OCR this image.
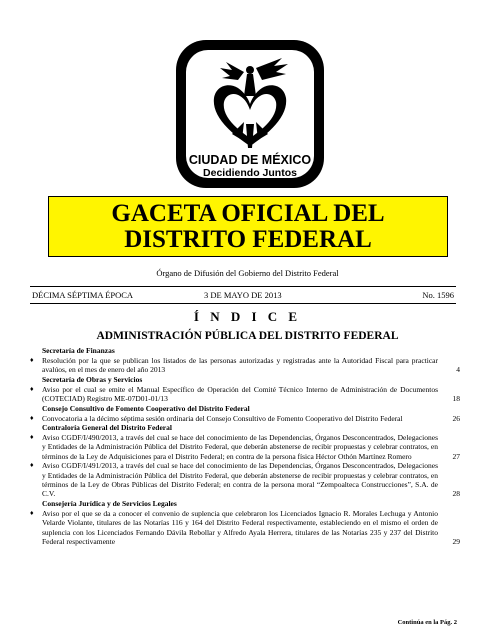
CIUDAD DE MÉXICO
Decidiendo Juntos
GACETA OFICIAL DEL
DISTRITO FEDERAL
Órgano de Difusión del Gobierno del Distrito Federal
DÉCIMA SÉPTIMA ÉPOCA	3 DE MAYO DE 2013	No. 1596
Í N D I C E
ADMINISTRACIÓN PÚBLICA DEL DISTRITO FEDERAL
Secretaría de Finanzas
♦ Resolución por la que se publican los listados de las personas autorizadas y registradas ante la Autoridad Fiscal para practicar avalúos, en el mes de enero del año 2013	4
Secretaría de Obras y Servicios
♦ Aviso por el cual se emite el Manual Específico de Operación del Comité Técnico Interno de Administración de Documentos (COTECIAD) Registro ME-07D01-01/13	18
Consejo Consultivo de Fomento Cooperativo del Distrito Federal
♦ Convocatoria a la décimo séptima sesión ordinaria del Consejo Consultivo de Fomento Cooperativo del Distrito Federal	26
Contraloría General del Distrito Federal
♦ Aviso CGDF/I/490/2013, a través del cual se hace del conocimiento de las Dependencias, Órganos Desconcentrados, Delegaciones y Entidades de la Administración Pública del Distrito Federal, que deberán abstenerse de recibir propuestas y celebrar contratos, en términos de la Ley de Adquisiciones para el Distrito Federal; en contra de la persona física Héctor Othón Martínez Romero	27
♦ Aviso CGDF/I/491/2013, a través del cual se hace del conocimiento de las Dependencias, Órganos Desconcentrados, Delegaciones y Entidades de la Administración Pública del Distrito Federal, que deberán abstenerse de recibir propuestas y celebrar contratos, en términos de la Ley de Obras Públicas del Distrito Federal; en contra de la persona moral “Zempoalteca Construcciones”, S.A. de C.V.	28
Consejería Jurídica y de Servicios Legales
♦ Aviso por el que se da a conocer el convenio de suplencia que celebraron los Licenciados Ignacio R. Morales Lechuga y Antonio Velarde Violante, titulares de las Notarías 116 y 164 del Distrito Federal respectivamente, estableciendo en el mismo el orden de suplencia con los Licenciados Fernando Dávila Rebollar y Alfredo Ayala Herrera, titulares de las Notarías 235 y 237 del Distrito Federal respectivamente	29
Continúa en la Pág. 2
